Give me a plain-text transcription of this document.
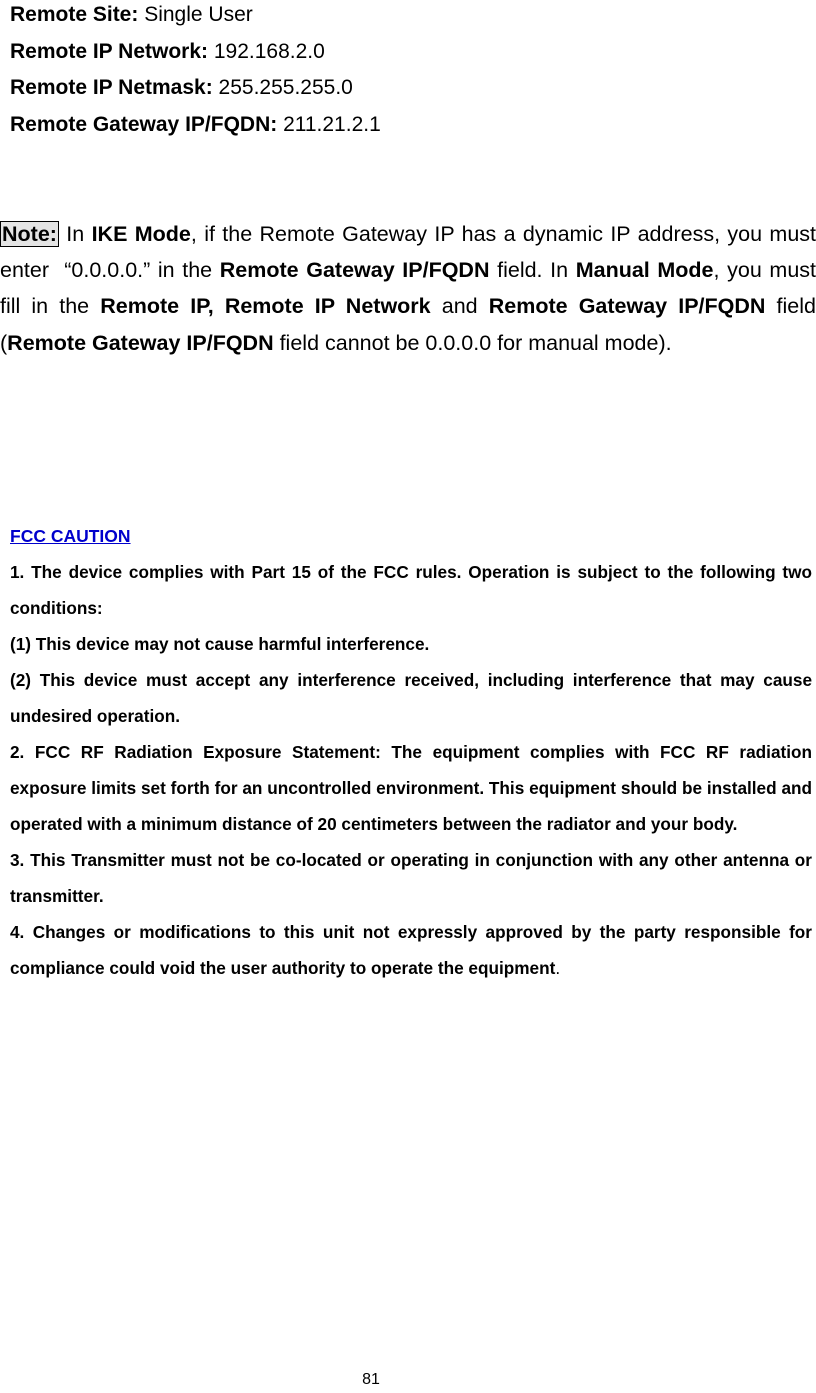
Remote Site: Single User
Remote IP Network: 192.168.2.0
Remote IP Netmask: 255.255.255.0
Remote Gateway IP/FQDN: 211.21.2.1
Note: In IKE Mode, if the Remote Gateway IP has a dynamic IP address, you must enter  “0.0.0.0.” in the Remote Gateway IP/FQDN field. In Manual Mode, you must fill in the Remote IP, Remote IP Network and Remote Gateway IP/FQDN field (Remote Gateway IP/FQDN field cannot be 0.0.0.0 for manual mode).
FCC CAUTION

1. The device complies with Part 15 of the FCC rules. Operation is subject to the following two conditions:

(1) This device may not cause harmful interference.

(2) This device must accept any interference received, including interference that may cause undesired operation.

2. FCC RF Radiation Exposure Statement: The equipment complies with FCC RF radiation exposure limits set forth for an uncontrolled environment. This equipment should be installed and operated with a minimum distance of 20 centimeters between the radiator and your body.

3. This Transmitter must not be co-located or operating in conjunction with any other antenna or transmitter.

4. Changes or modifications to this unit not expressly approved by the party responsible for compliance could void the user authority to operate the equipment.

81
